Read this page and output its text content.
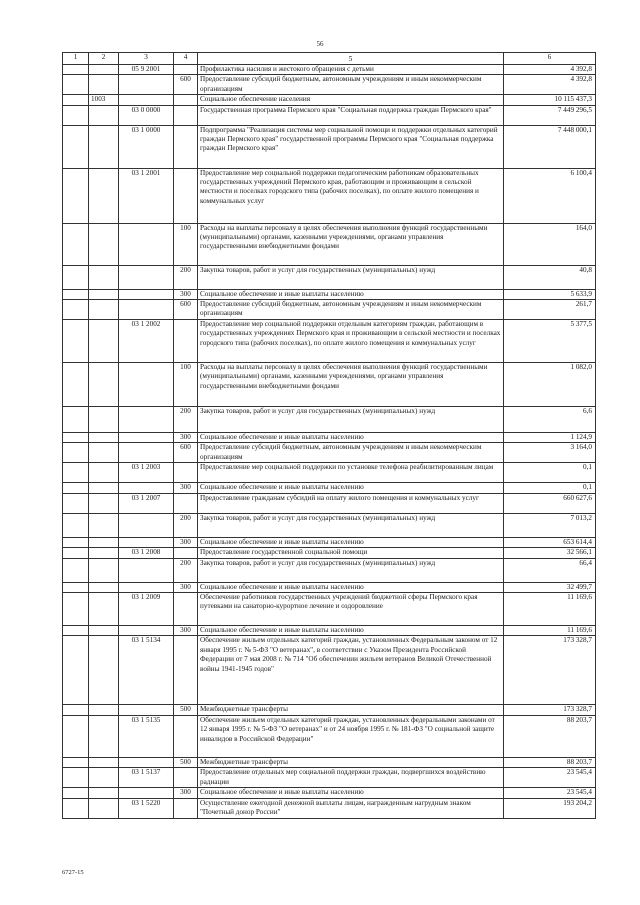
56
1	2	3	4	5	6
		05 9 2001		Профилактика насилия и жестокого обращения с детьми	4 392,8
			600	Предоставление субсидий бюджетным, автономным учреждениям и иным некоммерческим организациям	4 392,8
	1003			Социальное обеспечение населения	10 115 437,3
		03 0 0000		Государственная программа Пермского края "Социальная поддержка граждан Пермского края"	7 449 296,5
		03 1 0000		Подпрограмма "Реализация системы мер социальной помощи и поддержки отдельных категорий граждан Пермского края" государственной программы Пермского края "Социальная поддержка граждан Пермского края"	7 448 000,1
		03 1 2001		Предоставление мер социальной поддержки педагогическим работникам образовательных государственных учреждений Пермского края, работающим и проживающим в сельской местности и поселках городского типа (рабочих поселках), по оплате жилого помещения и коммунальных услуг	6 100,4
			100	Расходы на выплаты персоналу в целях обеспечения выполнения функций государственными (муниципальными) органами, казенными учреждениями, органами управления государственными внебюджетными фондами	164,0
			200	Закупка товаров, работ и услуг для государственных (муниципальных) нужд	40,8
			300	Социальное обеспечение и иные выплаты населению	5 633,9
			600	Предоставление субсидий бюджетным, автономным учреждениям и иным некоммерческим организациям	261,7
		03 1 2002		Предоставление мер социальной поддержки отдельным категориям граждан, работающим в государственных учреждениях Пермского края и проживающим в сельской местности и поселках городского типа (рабочих поселках), по оплате жилого помещения и коммунальных услуг	5 377,5
			100	Расходы на выплаты персоналу в целях обеспечения выполнения функций государственными (муниципальными) органами, казенными учреждениями, органами управления государственными внебюджетными фондами	1 082,0
			200	Закупка товаров, работ и услуг для государственных (муниципальных) нужд	6,6
			300	Социальное обеспечение и иные выплаты населению	1 124,9
			600	Предоставление субсидий бюджетным, автономным учреждениям и иным некоммерческим организациям	3 164,0
		03 1 2003		Предоставление мер социальной поддержки по установке телефона реабилитированным лицам	0,1
			300	Социальное обеспечение и иные выплаты населению	0,1
		03 1 2007		Предоставление гражданам субсидий на оплату жилого помещения и коммунальных услуг	660 627,6
			200	Закупка товаров, работ и услуг для государственных (муниципальных) нужд	7 013,2
			300	Социальное обеспечение и иные выплаты населению	653 614,4
		03 1 2008		Предоставление государственной социальной помощи	32 566,1
			200	Закупка товаров, работ и услуг для государственных (муниципальных) нужд	66,4
			300	Социальное обеспечение и иные выплаты населению	32 499,7
		03 1 2009		Обеспечение работников государственных учреждений бюджетной сферы Пермского края путевками на санаторно-курортное лечение и оздоровление	11 169,6
			300	Социальное обеспечение и иные выплаты населению	11 169,6
		03 1 5134		Обеспечение жильем отдельных категорий граждан, установленных Федеральным законом от 12 января 1995 г. № 5-ФЗ "О ветеранах", в соответствии с Указом Президента Российской Федерации от 7 мая 2008 г. № 714 "Об обеспечении жильем ветеранов Великой Отечественной войны 1941-1945 годов"	173 328,7
			500	Межбюджетные трансферты	173 328,7
		03 1 5135		Обеспечение жильем отдельных категорий граждан, установленных федеральными законами от 12 января 1995 г. № 5-ФЗ "О ветеранах" и от 24 ноября 1995 г. № 181-ФЗ "О социальной защите инвалидов в Российской Федерации"	88 203,7
			500	Межбюджетные трансферты	88 203,7
		03 1 5137		Предоставление отдельных мер социальной поддержки граждан, подвергшихся воздействию радиации	23 545,4
			300	Социальное обеспечение и иные выплаты населению	23 545,4
		03 1 5220		Осуществление ежегодной денежной выплаты лицам, награжденным нагрудным знаком "Почетный донор России"	193 204,2
6727-15
